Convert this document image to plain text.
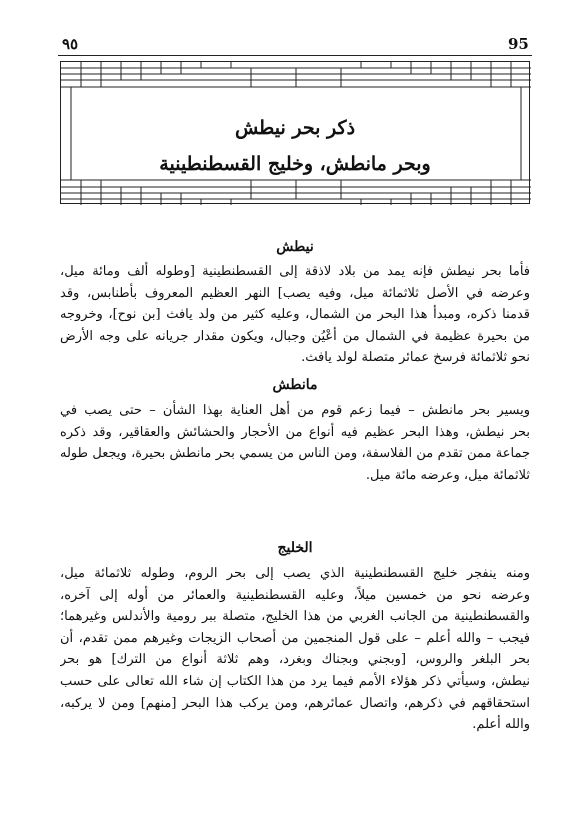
٩٥	95
ذكر بحر نيطش
وبحر مانطش، وخليج القسطنطينية
نيطش
فأما بحر نيطش فإنه يمد من بلاد لاذقة إلى القسطنطينية [وطوله ألف ومائة ميل،
وعرضه في الأصل ثلاثمائة ميل، وفيه يصب] النهر العظيم المعروف بأطنابس، وقد
قدمنا ذكره، ومبدأ هذا البحر من الشمال، وعليه كثير من ولد يافث [بن نوح]، وخروجه
من بحيرة عظيمة في الشمال من أعْيُن وجبال، ويكون مقدار جريانه على وجه الأرض
نحو ثلاثمائة فرسخ عمائر متصلة لولد يافث.
مانطش
ويسير بحر مانطش – فيما زعم قوم من أهل العناية بهذا الشأن – حتى يصب في
بحر نيطش، وهذا البحر عظيم فيه أنواع من الأحجار والحشائش والعقاقير، وقد ذكره
جماعة ممن تقدم من الفلاسفة، ومن الناس من يسمي بحر مانطش بحيرة، ويجعل طوله
ثلاثمائة ميل، وعرضه مائة ميل.
الخليج
ومنه ينفجر خليج القسطنطينية الذي يصب إلى بحر الروم، وطوله ثلاثمائة ميل،
وعرضه نحو من خمسين ميلاً، وعليه القسطنطينية والعمائر من أوله إلى آخره،
والقسطنطينية من الجانب الغربي من هذا الخليج، متصلة ببر رومية والأندلس وغيرهما؛
فيجب – والله أعلم – على قول المنجمين من أصحاب الزيجات وغيرهم ممن تقدم، أن
بحر البلغر والروس، [وبجني وبجناك وبغرد، وهم ثلاثة أنواع من الترك] هو بحر
نيطش، وسيأتي ذكر هؤلاء الأمم فيما يرد من هذا الكتاب إن شاء الله تعالى على حسب
استحقاقهم في ذكرهم، واتصال عمائرهم، ومن يركب هذا البحر [منهم] ومن لا يركبه،
والله أعلم.
